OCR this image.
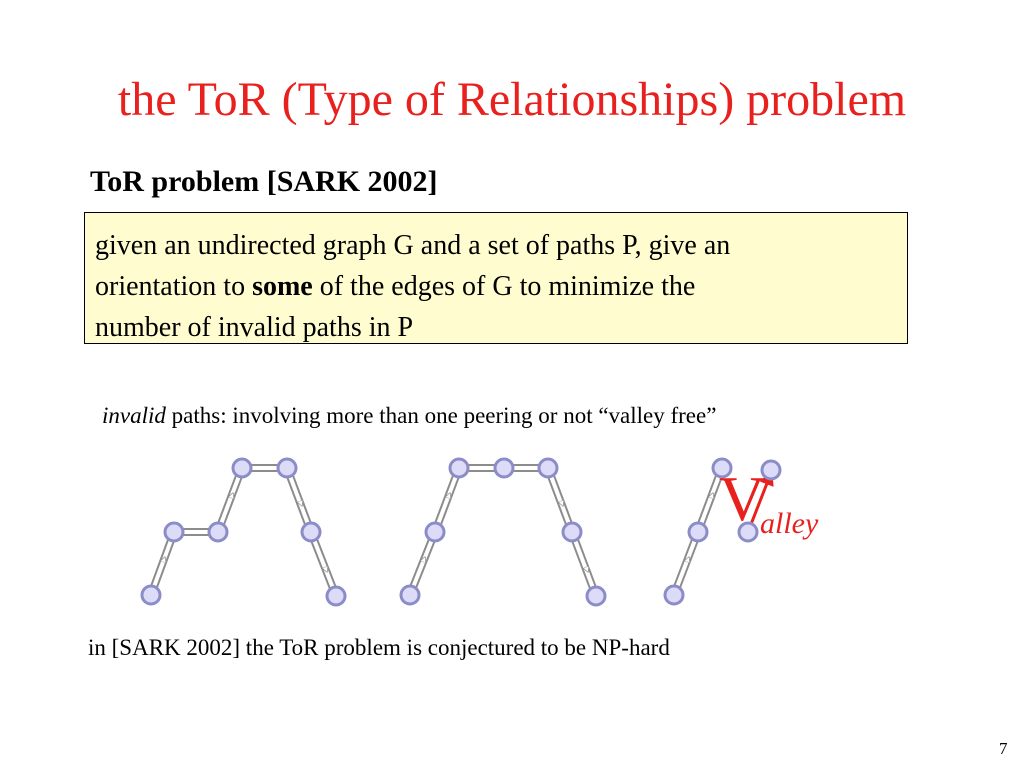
the ToR (Type of Relationships) problem
ToR problem [SARK 2002]
given an undirected graph G and a set of paths P, give an
orientation to some of the edges of G to minimize the
number of invalid paths in P
invalid paths: involving more than one peering or not “valley free”
V
alley
in [SARK 2002] the ToR problem is conjectured to be NP-hard
7
